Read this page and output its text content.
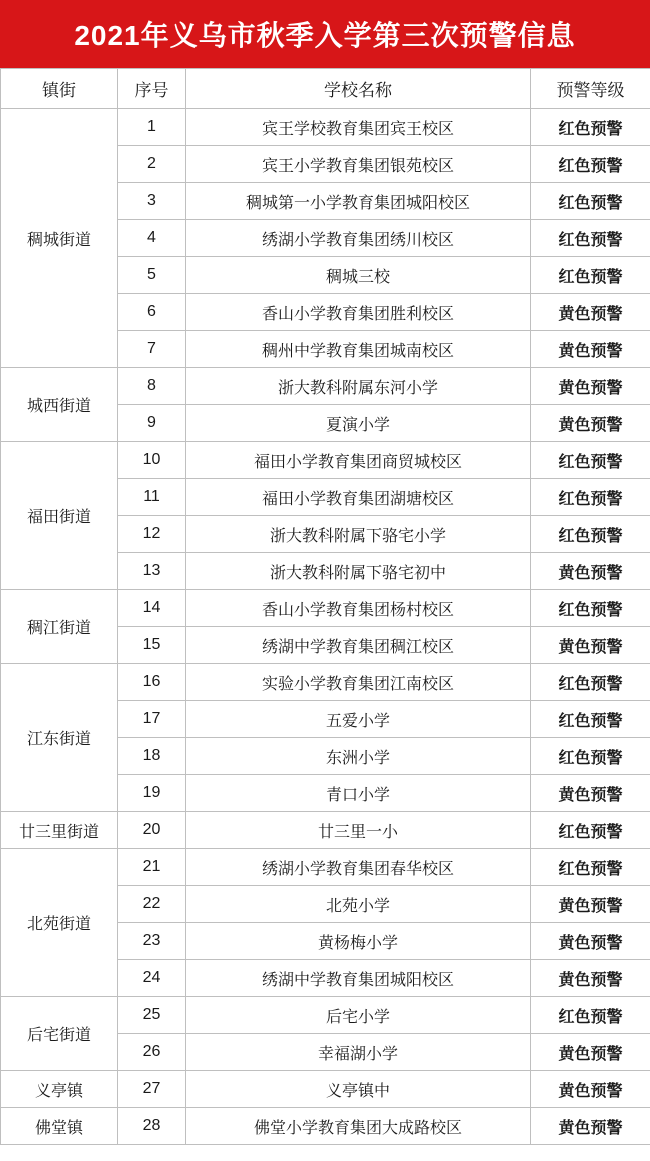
2021年义乌市秋季入学第三次预警信息
镇街	序号	学校名称	预警等级
稠城街道	1	宾王学校教育集团宾王校区	红色预警
	2	宾王小学教育集团银苑校区	红色预警
	3	稠城第一小学教育集团城阳校区	红色预警
	4	绣湖小学教育集团绣川校区	红色预警
	5	稠城三校	红色预警
	6	香山小学教育集团胜利校区	黄色预警
	7	稠州中学教育集团城南校区	黄色预警
城西街道	8	浙大教科附属东河小学	黄色预警
	9	夏演小学	黄色预警
福田街道	10	福田小学教育集团商贸城校区	红色预警
	11	福田小学教育集团湖塘校区	红色预警
	12	浙大教科附属下骆宅小学	红色预警
	13	浙大教科附属下骆宅初中	黄色预警
稠江街道	14	香山小学教育集团杨村校区	红色预警
	15	绣湖中学教育集团稠江校区	黄色预警
江东街道	16	实验小学教育集团江南校区	红色预警
	17	五爱小学	红色预警
	18	东洲小学	红色预警
	19	青口小学	黄色预警
廿三里街道	20	廿三里一小	红色预警
北苑街道	21	绣湖小学教育集团春华校区	红色预警
	22	北苑小学	黄色预警
	23	黄杨梅小学	黄色预警
	24	绣湖中学教育集团城阳校区	黄色预警
后宅街道	25	后宅小学	红色预警
	26	幸福湖小学	黄色预警
义亭镇	27	义亭镇中	黄色预警
佛堂镇	28	佛堂小学教育集团大成路校区	黄色预警
